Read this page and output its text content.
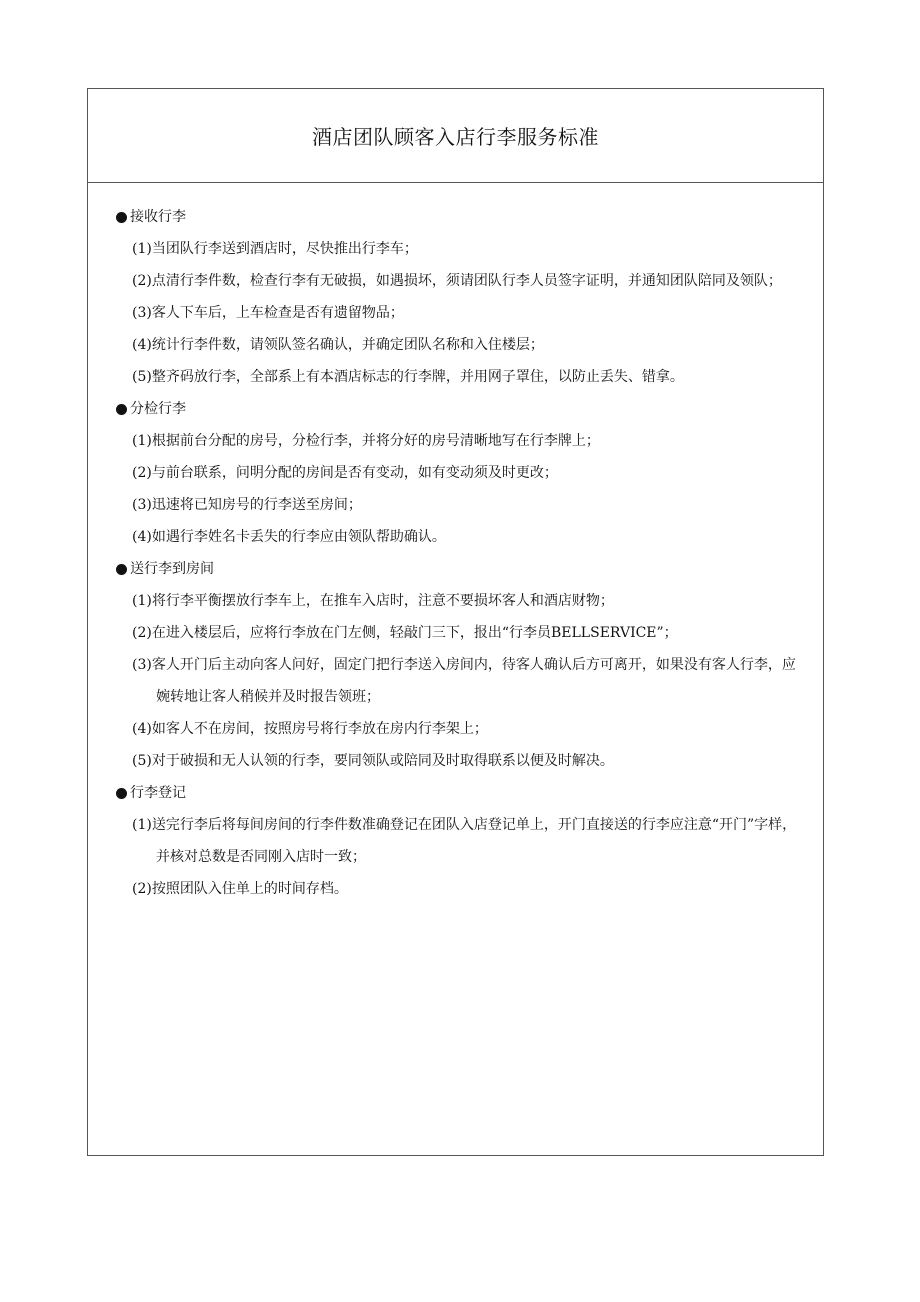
酒店团队顾客入店行李服务标准
接收行李
(1)当团队行李送到酒店时，尽快推出行李车；
(2)点清行李件数，检查行李有无破损，如遇损坏，须请团队行李人员签字证明，并通知团队陪同及领队；
(3)客人下车后，上车检查是否有遗留物品；
(4)统计行李件数，请领队签名确认，并确定团队名称和入住楼层；
(5)整齐码放行李，全部系上有本酒店标志的行李牌，并用网子罩住，以防止丢失、错拿。
分检行李
(1)根据前台分配的房号，分检行李，并将分好的房号清晰地写在行李牌上；
(2)与前台联系，问明分配的房间是否有变动，如有变动须及时更改；
(3)迅速将已知房号的行李送至房间；
(4)如遇行李姓名卡丢失的行李应由领队帮助确认。
送行李到房间
(1)将行李平衡摆放行李车上，在推车入店时，注意不要损坏客人和酒店财物；
(2)在进入楼层后，应将行李放在门左侧，轻敲门三下，报出“行李员BELLSERVICE”；
(3)客人开门后主动向客人问好，固定门把行李送入房间内，待客人确认后方可离开，如果没有客人行李，应婉转地让客人稍候并及时报告领班；
(4)如客人不在房间，按照房号将行李放在房内行李架上；
(5)对于破损和无人认领的行李，要同领队或陪同及时取得联系以便及时解决。
行李登记
(1)送完行李后将每间房间的行李件数准确登记在团队入店登记单上，开门直接送的行李应注意“开门”字样，并核对总数是否同刚入店时一致；
(2)按照团队入住单上的时间存档。
